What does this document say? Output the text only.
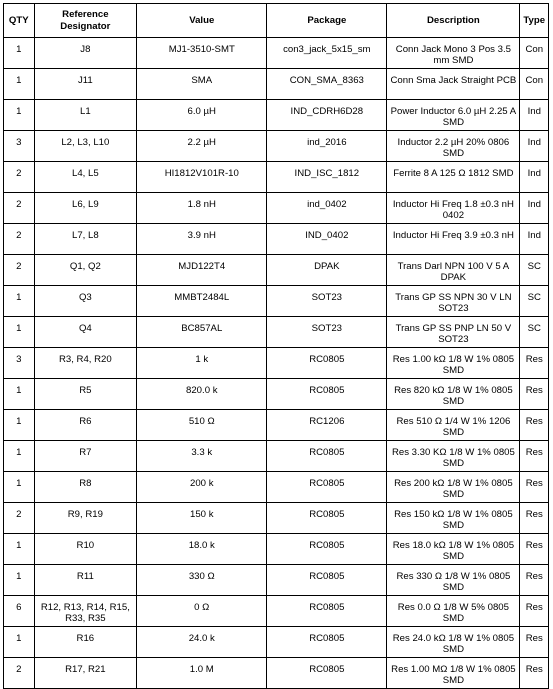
QTY	Reference Designator	Value	Package	Description	Type
1	J8	MJ1-3510-SMT	con3_jack_5x15_sm	Conn Jack Mono 3 Pos 3.5 mm SMD	Con
1	J11	SMA	CON_SMA_8363	Conn Sma Jack Straight PCB	Con
1	L1	6.0 µH	IND_CDRH6D28	Power Inductor 6.0 µH 2.25 A SMD	Ind
3	L2, L3, L10	2.2 µH	ind_2016	Inductor 2.2 µH 20% 0806 SMD	Ind
2	L4, L5	HI1812V101R-10	IND_ISC_1812	Ferrite 8 A 125 Ω 1812 SMD	Ind
2	L6, L9	1.8 nH	ind_0402	Inductor Hi Freq 1.8 ±0.3 nH 0402	Ind
2	L7, L8	3.9 nH	IND_0402	Inductor Hi Freq 3.9 ±0.3 nH	Ind
2	Q1, Q2	MJD122T4	DPAK	Trans Darl NPN 100 V 5 A DPAK	SC
1	Q3	MMBT2484L	SOT23	Trans GP SS NPN 30 V LN SOT23	SC
1	Q4	BC857AL	SOT23	Trans GP SS PNP LN 50 V SOT23	SC
3	R3, R4, R20	1 k	RC0805	Res 1.00 kΩ 1/8 W 1% 0805 SMD	Res
1	R5	820.0 k	RC0805	Res 820 kΩ 1/8 W 1% 0805 SMD	Res
1	R6	510 Ω	RC1206	Res 510 Ω 1/4 W 1% 1206 SMD	Res
1	R7	3.3 k	RC0805	Res 3.30 KΩ 1/8 W 1% 0805 SMD	Res
1	R8	200 k	RC0805	Res 200 kΩ 1/8 W 1% 0805 SMD	Res
2	R9, R19	150 k	RC0805	Res 150 kΩ 1/8 W 1% 0805 SMD	Res
1	R10	18.0 k	RC0805	Res 18.0 kΩ 1/8 W 1% 0805 SMD	Res
1	R11	330 Ω	RC0805	Res 330 Ω 1/8 W 1% 0805 SMD	Res
6	R12, R13, R14, R15, R33, R35	0 Ω	RC0805	Res 0.0 Ω 1/8 W 5% 0805 SMD	Res
1	R16	24.0 k	RC0805	Res 24.0 kΩ 1/8 W 1% 0805 SMD	Res
2	R17, R21	1.0 M	RC0805	Res 1.00 MΩ 1/8 W 1% 0805 SMD	Res
